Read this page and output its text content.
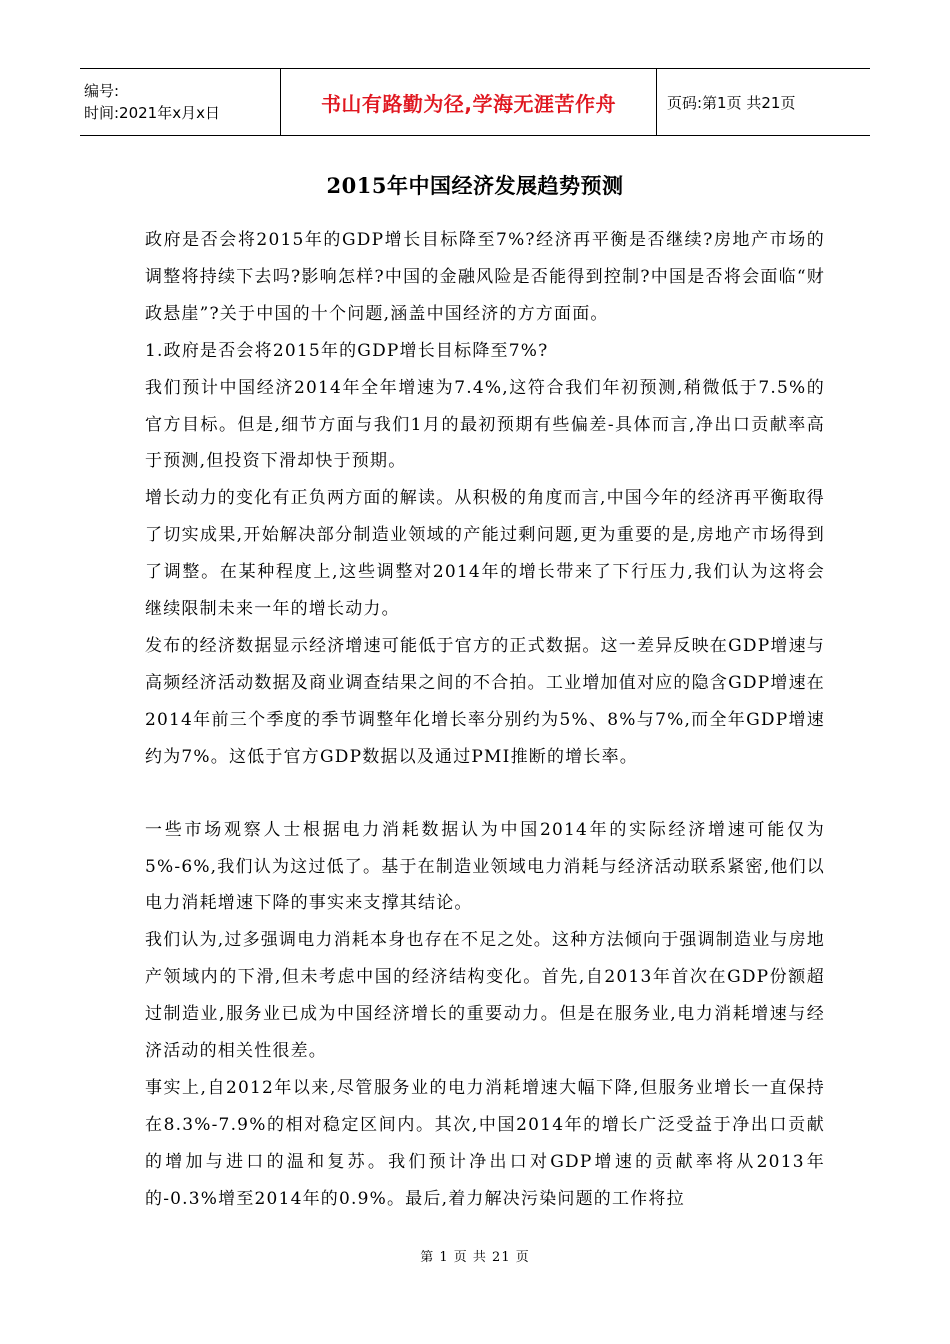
编号:
时间:2021年x月x日	书山有路勤为径,学海无涯苦作舟	页码:第1页 共21页
2015年中国经济发展趋势预测

政府是否会将2015年的GDP增长目标降至7%?经济再平衡是否继续?房地产市场的调整将持续下去吗?影响怎样?中国的金融风险是否能得到控制?中国是否将会面临“财政悬崖”?关于中国的十个问题,涵盖中国经济的方方面面。

1.政府是否会将2015年的GDP增长目标降至7%?

我们预计中国经济2014年全年增速为7.4%,这符合我们年初预测,稍微低于7.5%的官方目标。但是,细节方面与我们1月的最初预期有些偏差-具体而言,净出口贡献率高于预测,但投资下滑却快于预期。

增长动力的变化有正负两方面的解读。从积极的角度而言,中国今年的经济再平衡取得了切实成果,开始解决部分制造业领域的产能过剩问题,更为重要的是,房地产市场得到了调整。在某种程度上,这些调整对2014年的增长带来了下行压力,我们认为这将会继续限制未来一年的增长动力。

发布的经济数据显示经济增速可能低于官方的正式数据。这一差异反映在GDP增速与高频经济活动数据及商业调查结果之间的不合拍。工业增加值对应的隐含GDP增速在2014年前三个季度的季节调整年化增长率分别约为5%、8%与7%,而全年GDP增速约为7%。这低于官方GDP数据以及通过PMI推断的增长率。

一些市场观察人士根据电力消耗数据认为中国2014年的实际经济增速可能仅为5%-6%,我们认为这过低了。基于在制造业领域电力消耗与经济活动联系紧密,他们以电力消耗增速下降的事实来支撑其结论。

我们认为,过多强调电力消耗本身也存在不足之处。这种方法倾向于强调制造业与房地产领域内的下滑,但未考虑中国的经济结构变化。首先,自2013年首次在GDP份额超过制造业,服务业已成为中国经济增长的重要动力。但是在服务业,电力消耗增速与经济活动的相关性很差。

事实上,自2012年以来,尽管服务业的电力消耗增速大幅下降,但服务业增长一直保持在8.3%-7.9%的相对稳定区间内。其次,中国2014年的增长广泛受益于净出口贡献的增加与进口的温和复苏。我们预计净出口对GDP增速的贡献率将从2013年的-0.3%增至2014年的0.9%。最后,着力解决污染问题的工作将拉

第 1 页 共 21 页
